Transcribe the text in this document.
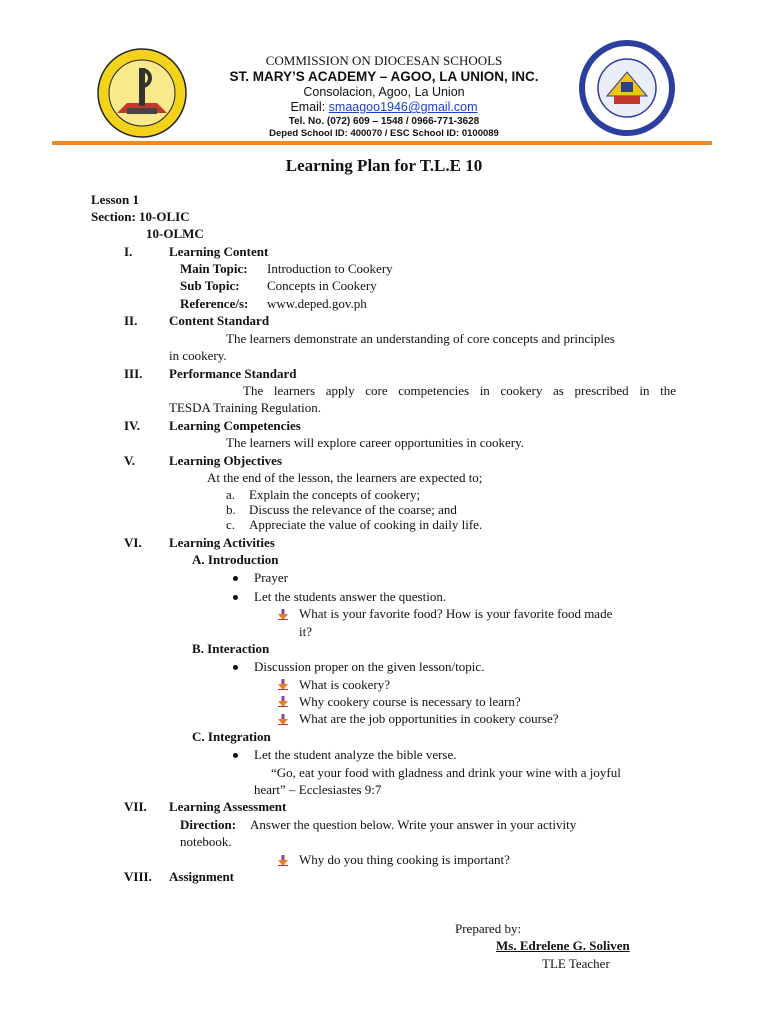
COMMISSION ON DIOCESAN SCHOOLS
ST. MARY’S ACADEMY – AGOO, LA UNION, INC.
Consolacion, Agoo, La Union
Email: smaagoo1946@gmail.com
Tel. No. (072) 609 – 1548 / 0966-771-3628
Deped School ID: 400070 / ESC School ID: 0100089
Learning Plan for T.L.E 10
Lesson 1
Section: 10-OLIC
10-OLMC
I.	Learning Content
Main Topic: Introduction to Cookery
Sub Topic: Concepts in Cookery
Reference/s: www.deped.gov.ph
II. Content Standard
The learners demonstrate an understanding of core concepts and principles
in cookery.
III. Performance Standard
The learners apply core competencies in cookery as prescribed in the
TESDA Training Regulation.
IV. Learning Competencies
The learners will explore career opportunities in cookery.
V.	Learning Objectives
At the end of the lesson, the learners are expected to;
a. Explain the concepts of cookery;
b. Discuss the relevance of the coarse; and
c. Appreciate the value of cooking in daily life.
VI. Learning Activities
A. Introduction
Prayer
Let the students answer the question.
What is your favorite food? How is your favorite food made
it?
B. Interaction
Discussion proper on the given lesson/topic.
What is cookery?
Why cookery course is necessary to learn?
What are the job opportunities in cookery course?
C. Integration
Let the student analyze the bible verse.
“Go, eat your food with gladness and drink your wine with a joyful
heart” – Ecclesiastes 9:7
VII. Learning Assessment
Direction: Answer the question below. Write your answer in your activity
notebook.
Why do you thing cooking is important?
VIII. Assignment
Prepared by:
Ms. Edrelene G. Soliven
TLE Teacher
